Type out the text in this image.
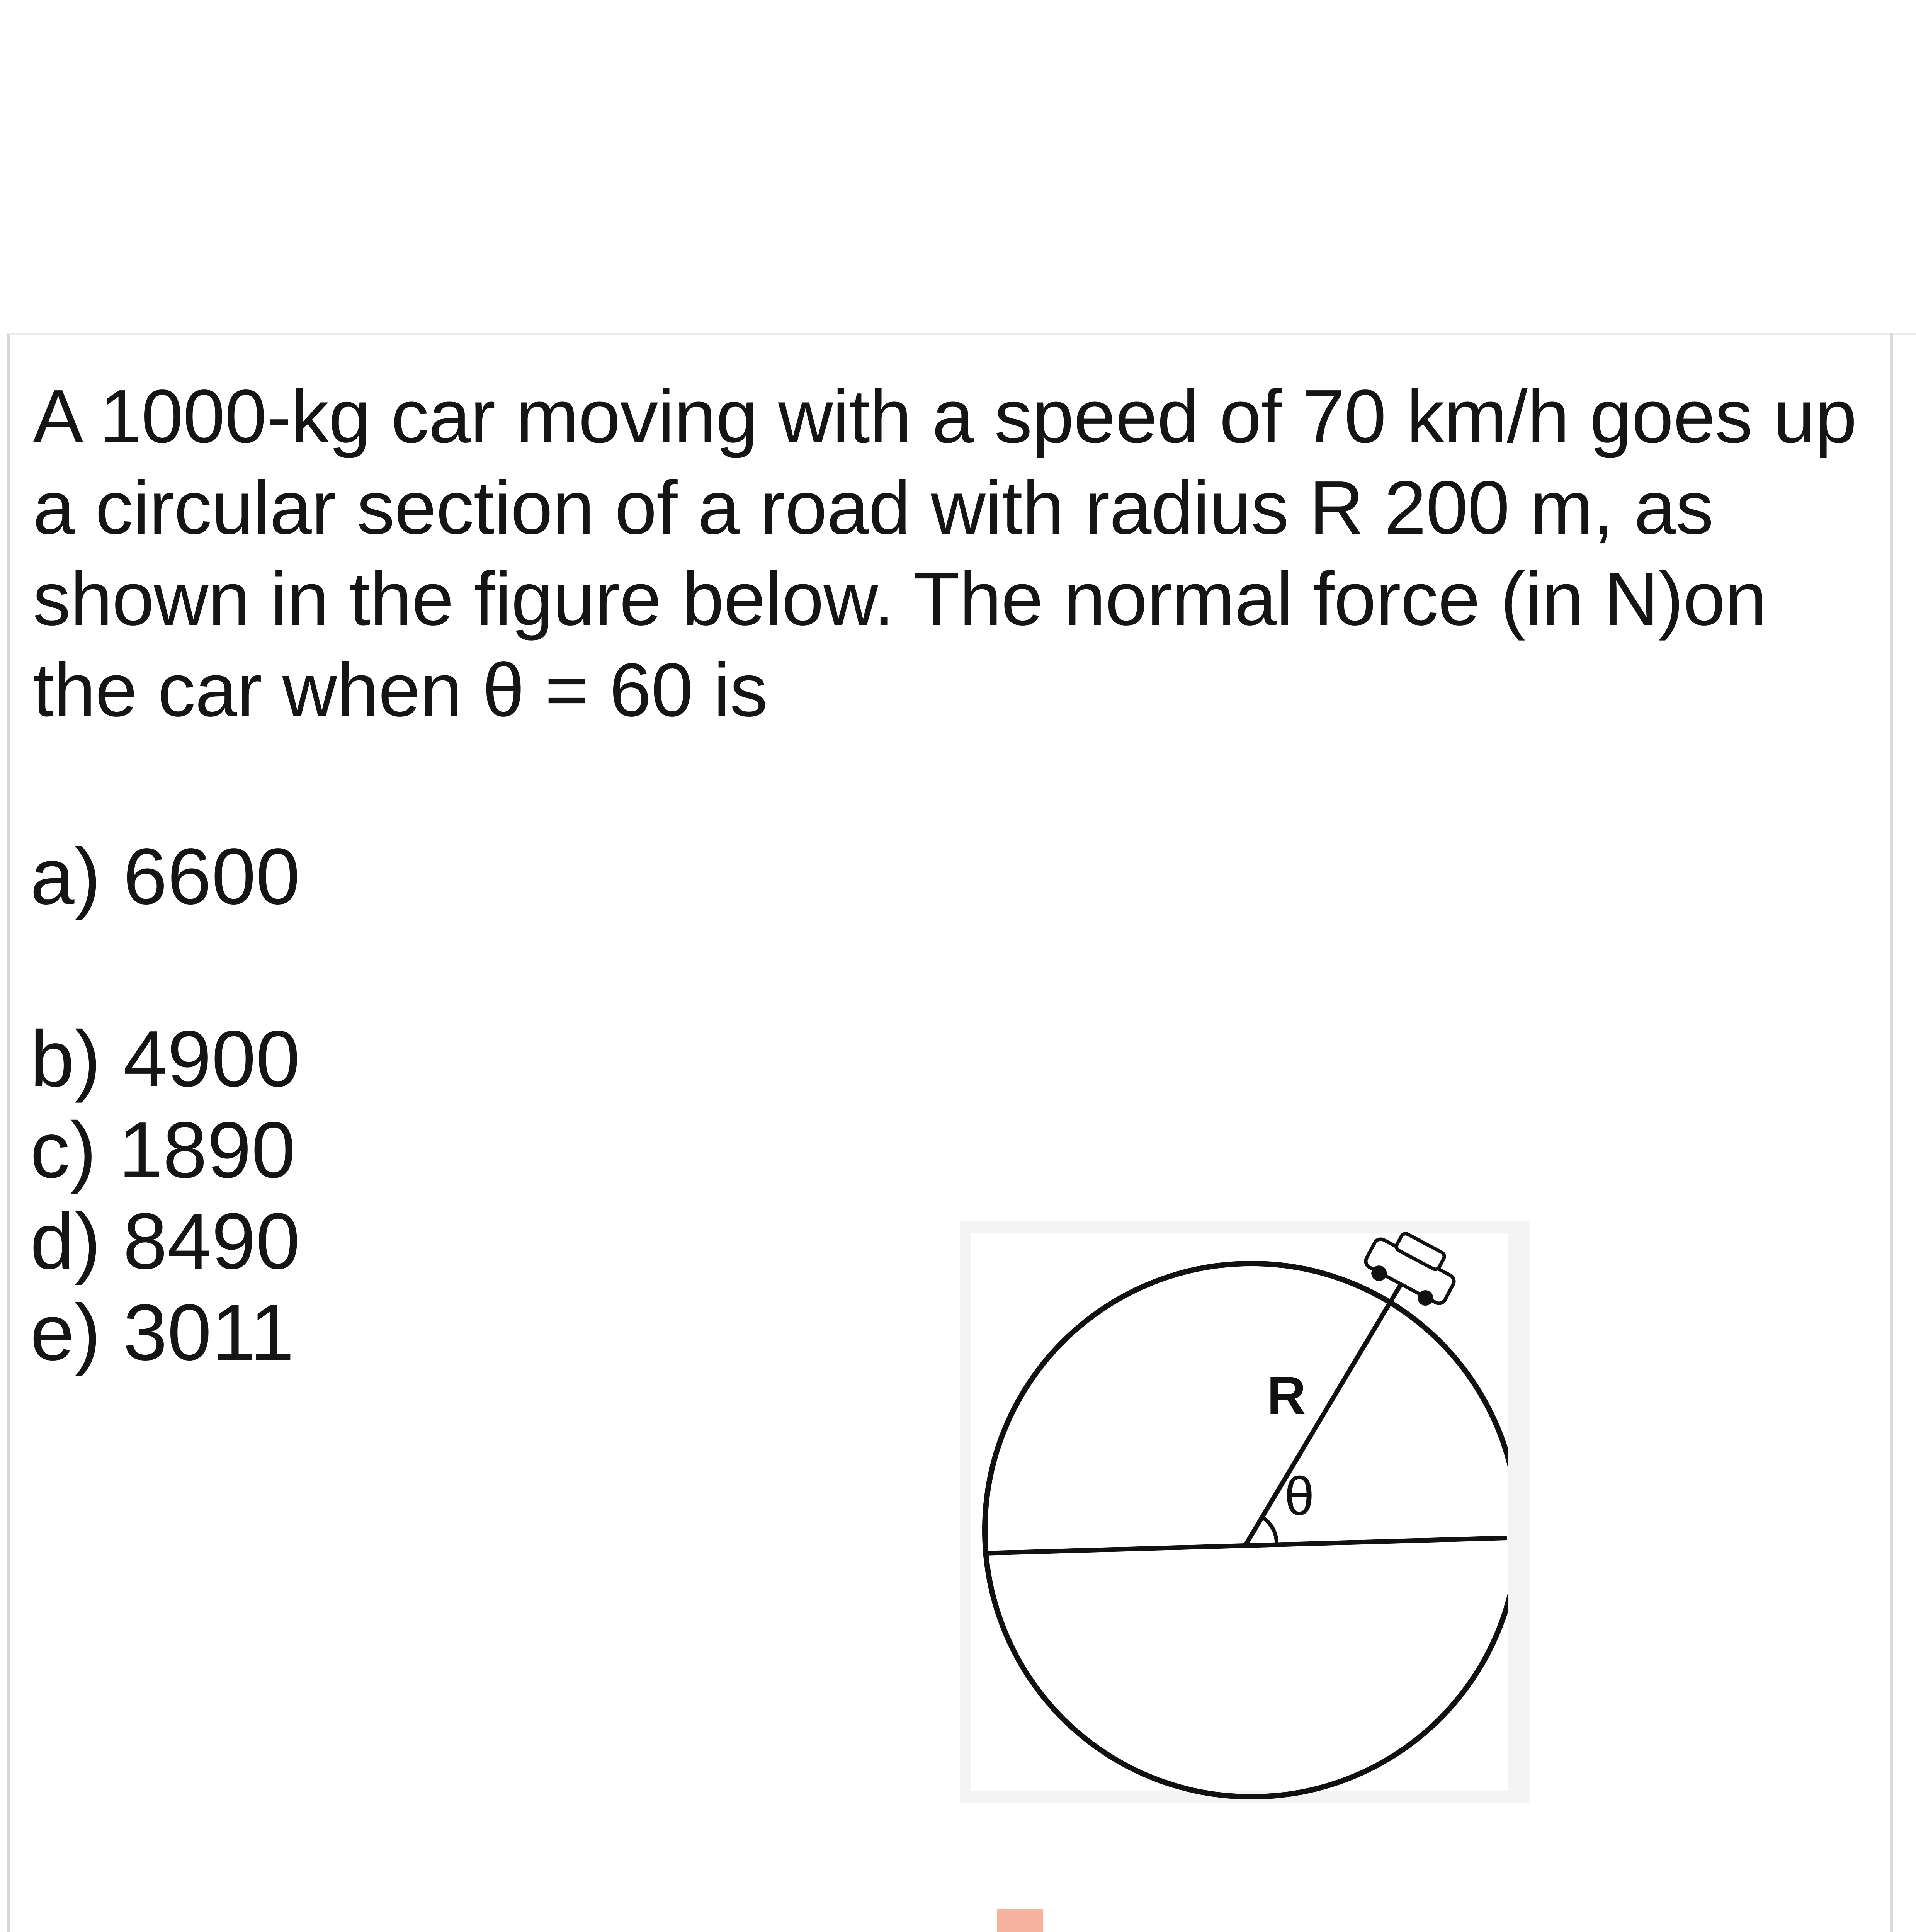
A 1000-kg car moving with a speed of 70 km/h goes up
a circular section of a road with radius R 200 m, as shown in the figure below. The normal force (in N)on the car when θ = 60 is
a) 6600
b) 4900
c) 1890
d) 8490
e) 3011
R
θ
